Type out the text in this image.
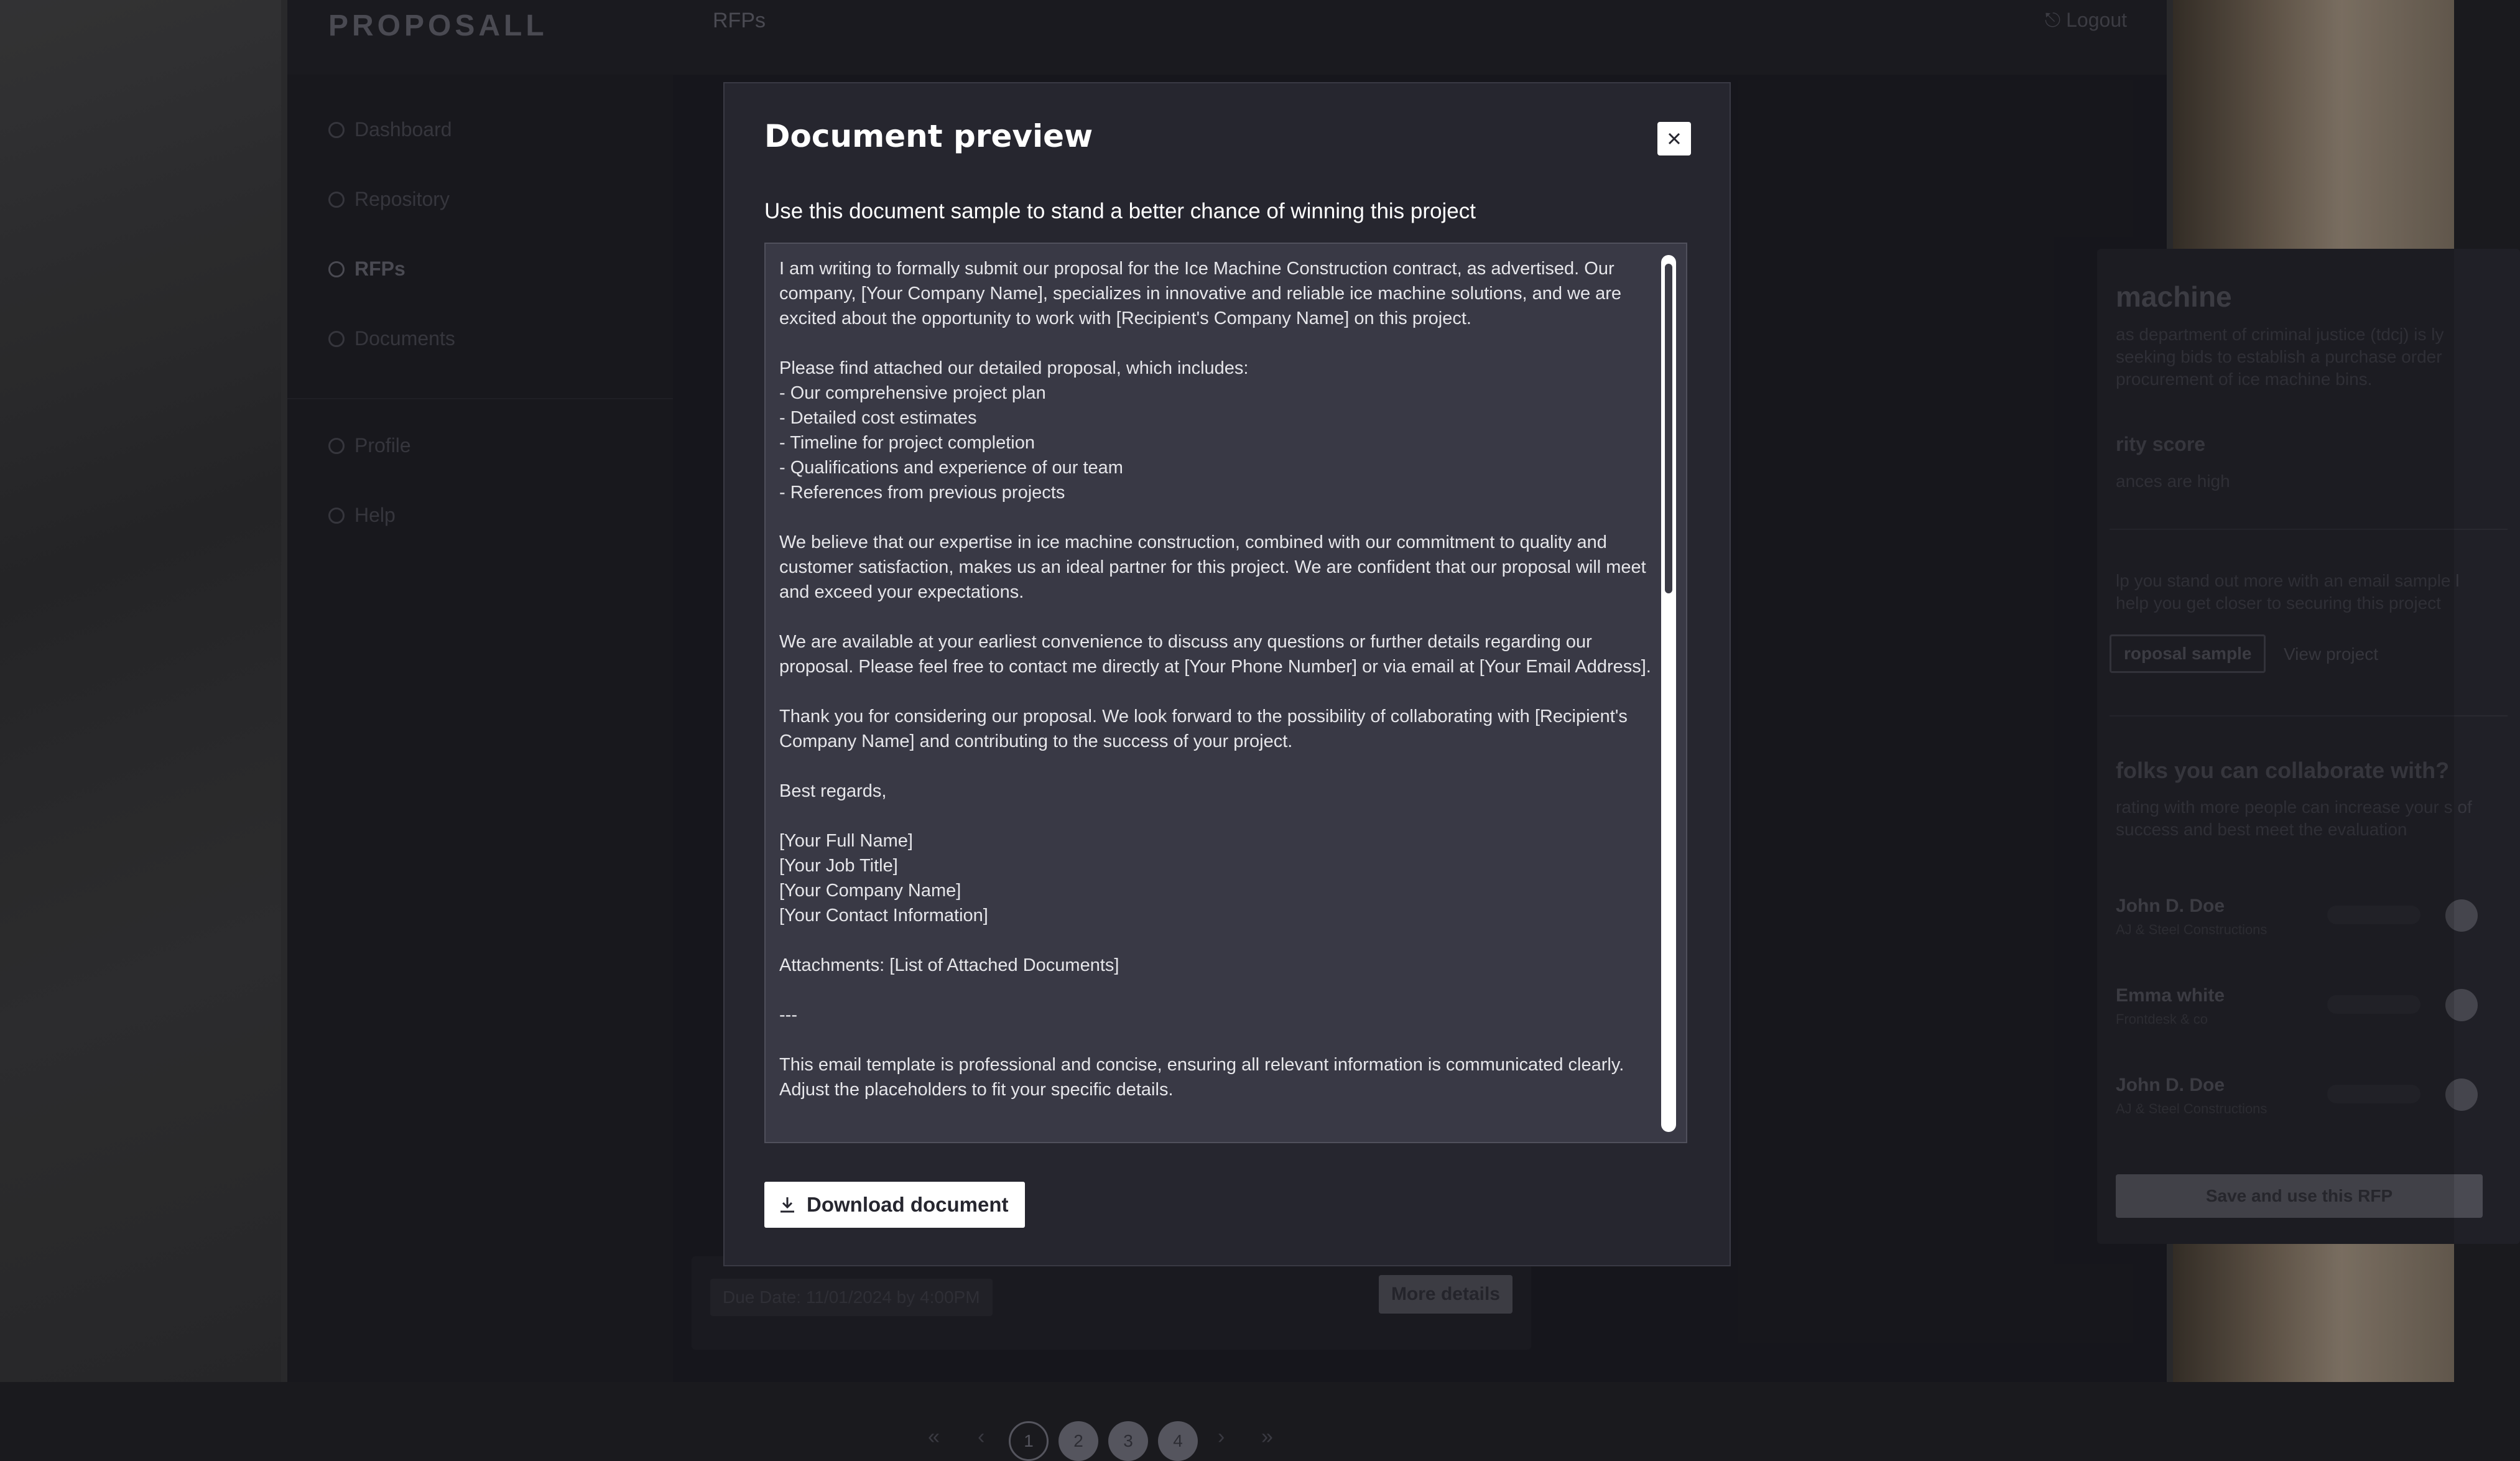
PROPOSALL	RFPs	⎋ Logout
Dashboard
Repository
RFPs
Documents
Profile
Help
machine
as department of criminal justice (tdcj) is ly seeking bids to establish a purchase order procurement of ice machine bins.
rity score
ances are high
lp you stand out more with an email sample l help you get closer to securing this project
roposal sample	View project
folks you can collaborate with?
rating with more people can increase your s of success and best meet the evaluation
John D. Doe
AJ & Steel Constructions
Emma white
Frontdesk & co
John D. Doe
AJ & Steel Constructions
Save and use this RFP
Due Date: 11/01/2024 by 4:00PM	More details
« ‹	1	2	3	4	› »
Document preview
Use this document sample to stand a better chance of winning this project
I am writing to formally submit our proposal for the Ice Machine Construction contract, as advertised. Our company, [Your Company Name], specializes in innovative and reliable ice machine solutions, and we are excited about the opportunity to work with [Recipient's Company Name] on this project.

Please find attached our detailed proposal, which includes:
- Our comprehensive project plan
- Detailed cost estimates
- Timeline for project completion
- Qualifications and experience of our team
- References from previous projects

We believe that our expertise in ice machine construction, combined with our commitment to quality and customer satisfaction, makes us an ideal partner for this project. We are confident that our proposal will meet and exceed your expectations.

We are available at your earliest convenience to discuss any questions or further details regarding our proposal. Please feel free to contact me directly at [Your Phone Number] or via email at [Your Email Address].

Thank you for considering our proposal. We look forward to the possibility of collaborating with [Recipient's Company Name] and contributing to the success of your project.

Best regards,

[Your Full Name]
[Your Job Title]
[Your Company Name]
[Your Contact Information]

Attachments: [List of Attached Documents]

---

This email template is professional and concise, ensuring all relevant information is communicated clearly. Adjust the placeholders to fit your specific details.
Download document
